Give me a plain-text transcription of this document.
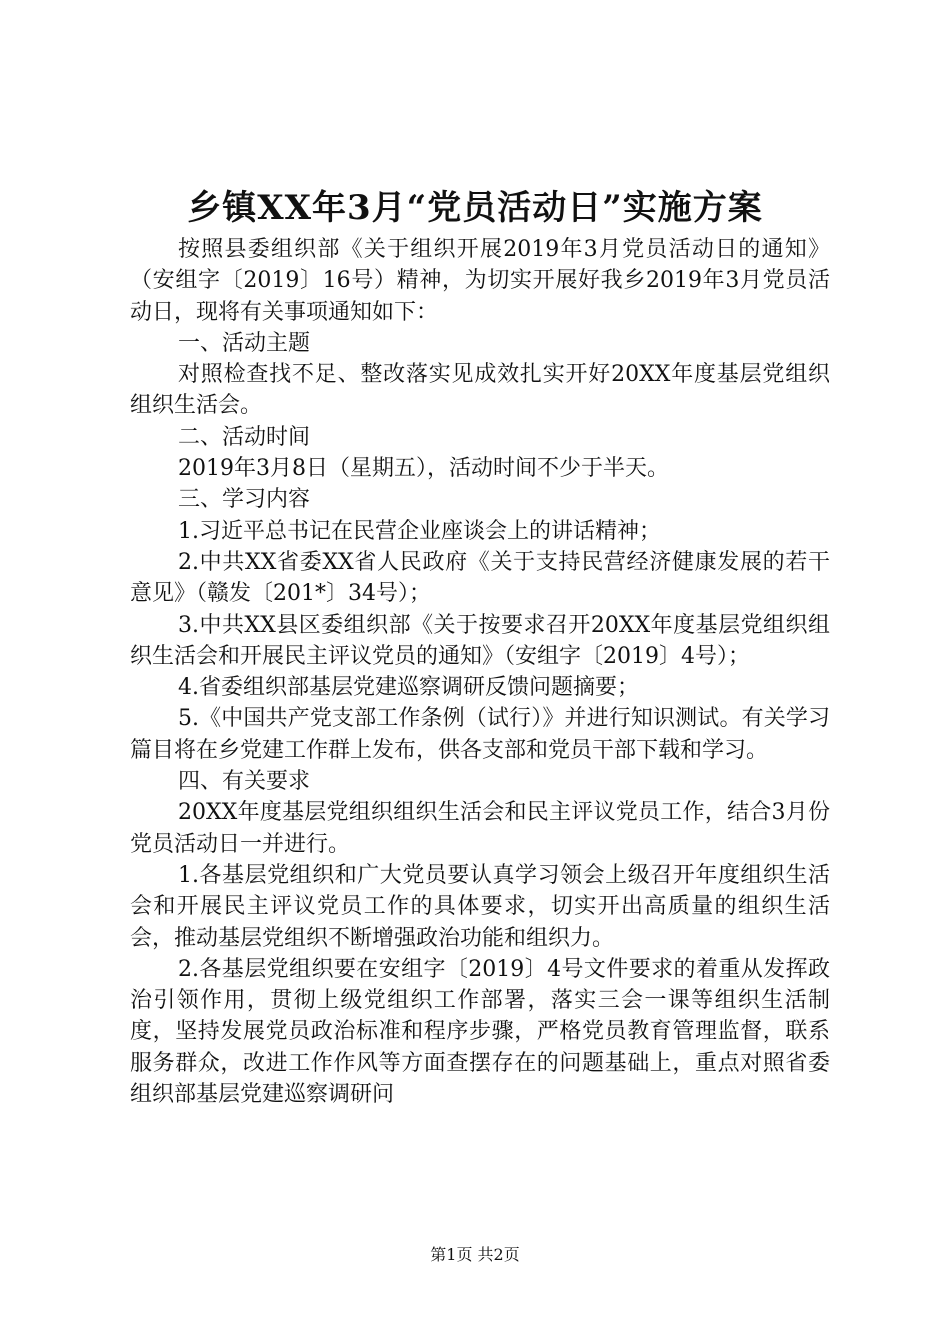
乡镇XX年3月“党员活动日”实施方案

按照县委组织部《关于组织开展2019年3月党员活动日的通知》（安组字〔2019〕16号）精神，为切实开展好我乡2019年3月党员活动日，现将有关事项通知如下：

一、活动主题

对照检查找不足、整改落实见成效扎实开好20XX年度基层党组织组织生活会。

二、活动时间

2019年3月8日（星期五），活动时间不少于半天。

三、学习内容

1.习近平总书记在民营企业座谈会上的讲话精神；

2.中共XX省委XX省人民政府《关于支持民营经济健康发展的若干意见》（赣发〔201*〕34号）；

3.中共XX县区委组织部《关于按要求召开20XX年度基层党组织组织生活会和开展民主评议党员的通知》（安组字〔2019〕4号）；

4.省委组织部基层党建巡察调研反馈问题摘要；

5.《中国共产党支部工作条例（试行）》并进行知识测试。有关学习篇目将在乡党建工作群上发布，供各支部和党员干部下载和学习。

四、有关要求

20XX年度基层党组织组织生活会和民主评议党员工作，结合3月份党员活动日一并进行。

1.各基层党组织和广大党员要认真学习领会上级召开年度组织生活会和开展民主评议党员工作的具体要求，切实开出高质量的组织生活会，推动基层党组织不断增强政治功能和组织力。

2.各基层党组织要在安组字〔2019〕4号文件要求的着重从发挥政治引领作用，贯彻上级党组织工作部署，落实三会一课等组织生活制度，坚持发展党员政治标准和程序步骤，严格党员教育管理监督，联系服务群众，改进工作作风等方面查摆存在的问题基础上，重点对照省委组织部基层党建巡察调研问

第1页 共2页
